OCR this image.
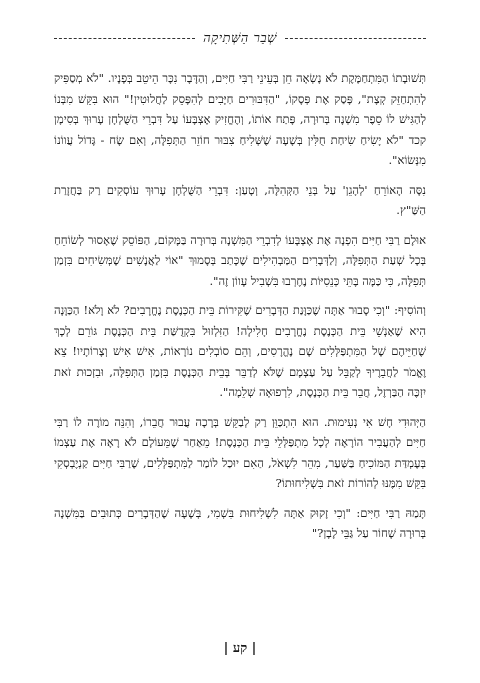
שְׁבַר הַשְּׁתִיקָה

תְּשׁוּבָתוֹ הַמִּתְחַמֶּקֶת לֹא נָשְׂאָה חֵן בְּעֵינֵי רַבִּי חַיִּים, וְהַדָּבָר נִכָּר הֵיטֵב בְּפָנָיו. "לֹא מְסַפִּיק לְהִתְחַזֵּק קְצָת", פָּסַק אֶת פְּסָקוֹ, "הַדִּבּוּרִים חַיָּבִים לְהִפָּסֵק לַחֲלוּטִין!" הוּא בִּקֵּשׁ מִבְּנוֹ לְהַגִּישׁ לוֹ סֵפֶר מִשְׁנָה בְּרוּרָה, פָּתַח אוֹתוֹ, וְהֶחֱזִיק אֶצְבָּעוֹ עַל דִּבְרֵי הַשֻּׁלְחָן עָרוּךְ בְּסִימָן קכד "לֹא יָשִׂיחַ שִׂיחַת חֻלִּין בְּשָׁעָה שֶׁשְּׁלִיחַ צִבּוּר חוֹזֵר הַתְּפִלָּה, וְאִם שָׂח - גָּדוֹל עֲווֹנוֹ מִנְּשׂוֹא".

נִסָּה הָאוֹרֵחַ 'לְהָגֵן' עַל בְּנֵי הַקְּהִלָּה, וְטָעַן: דִּבְרֵי הַשֻּׁלְחָן עָרוּךְ עוֹסְקִים רַק בַּחֲזָרַת הַשַּׁ"ץ.

אוּלָם רַבִּי חַיִּים הִפְנָה אֶת אֶצְבָּעוֹ לְדִבְרֵי הַמִּשְׁנָה בְּרוּרָה בַּמָּקוֹם, הַפּוֹסֵק שֶׁאָסוּר לְשׂוֹחֵחַ בְּכָל שְׁעַת הַתְּפִלָּה, וְלַדְּבָרִים הַמַּבְהִילִים שֶׁכָּתַב בְּסָמוּךְ "אוֹי לַאֲנָשִׁים שֶׁמְּשִׂיחִים בִּזְמַן תְּפִלָּה, כִּי כַּמָּה בָּתֵּי כְּנֵסִיּוֹת נֶחֶרְבוּ בִּשְׁבִיל עָווֹן זֶה".

וְהוֹסִיף: "וְכִי סָבוּר אַתָּה שֶׁכַּוָּנַת הַדְּבָרִים שֶׁקִּירוֹת בֵּית הַכְּנֶסֶת נֶחֱרָבִים? לֹא וָלֹא! הַכַּוָּנָה הִיא שֶׁאַנְשֵׁי בֵּית הַכְּנֶסֶת נֶחֱרָבִים חָלִילָה! הַזִּלְזוּל בִּקְדֻשַּׁת בֵּית הַכְּנֶסֶת גּוֹרֵם לְכָךְ שֶׁחַיֵּיהֶם שֶׁל הַמִּתְפַּלְּלִים שָׁם נֶהֱרָסִים, וְהֵם סוֹבְלִים נוֹרָאוֹת, אִישׁ אִישׁ וְצָרוֹתָיו! צֵא וֶאֱמֹר לַחֲבֵרֶיךָ לְקַבֵּל עַל עַצְמָם שֶׁלֹּא לְדַבֵּר בְּבֵית הַכְּנֶסֶת בִּזְמַן הַתְּפִלָּה, וּבִזְכוּת זֹאת יִזְכֶּה הַבַּרְזֶל, חֲבֵר בֵּית הַכְּנֶסֶת, לִרְפוּאָה שְׁלֵמָה".

הַיְּהוּדִי חָשׁ אִי נְעִימוּת. הוּא הִתְכַּוֵּן רַק לְבַקֵּשׁ בְּרָכָה עֲבוּר חֲבֵרוֹ, וְהִנֵּה מוֹרֶה לוֹ רַבִּי חַיִּים לְהַעֲבִיר הוֹרָאָה לְכָל מִתְפַּלְּלֵי בֵּית הַכְּנֶסֶת! מֵאַחַר שֶׁמֵּעוֹלָם לֹא רָאָה אֶת עַצְמוֹ בְּעֶמְדַּת הַמּוֹכִיחַ בַּשַּׁעַר, מִהֵר לִשְׁאֹל, הַאִם יוּכַל לוֹמַר לַמִּתְפַּלְּלִים, שֶׁרַבִּי חַיִּים קַנְיֶבְסְקִי בִּקֵּשׁ מִמֶּנּוּ לְהוֹרוֹת זֹאת בִּשְׁלִיחוּתוֹ?

תָּמַהּ רַבִּי חַיִּים: "וְכִי זָקוּק אַתָּה לִשְׁלִיחוּת בִּשְׁמִי, בְּשָׁעָה שֶׁהַדְּבָרִים כְּתוּבִים בַּמִּשְׁנָה בְּרוּרָה שָׁחוֹר עַל גַּבֵּי לָבָן?"

| קע |
